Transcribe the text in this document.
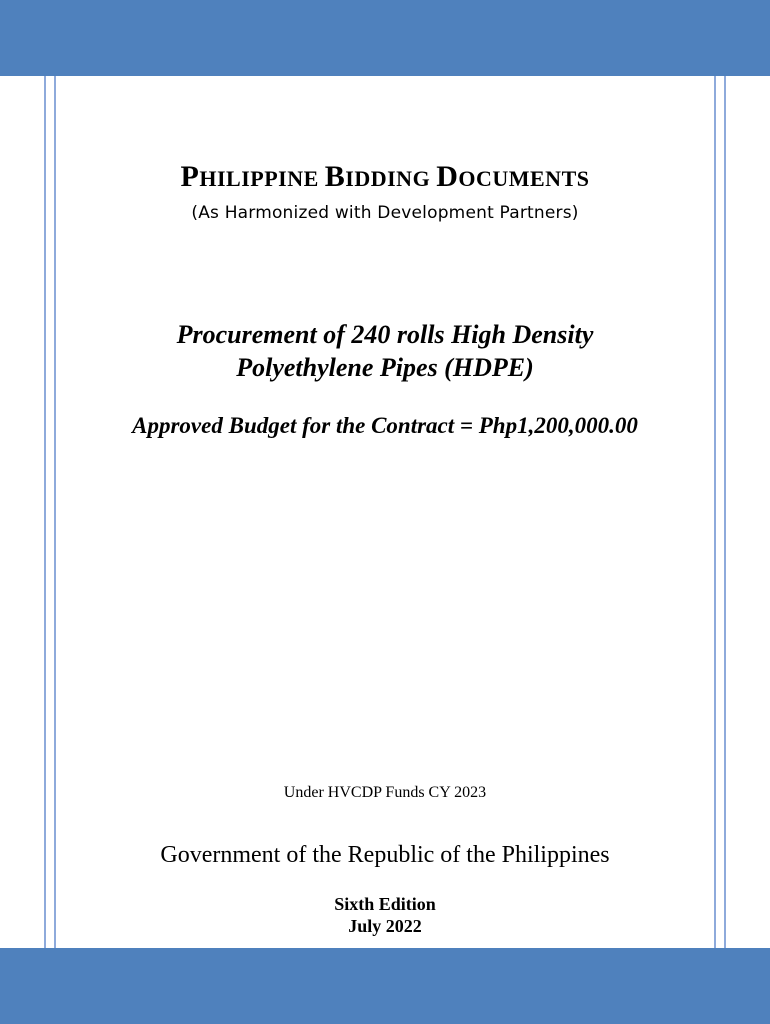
PHILIPPINE BIDDING DOCUMENTS
(As Harmonized with Development Partners)
Procurement of 240 rolls High Density
Polyethylene Pipes (HDPE)
Approved Budget for the Contract = Php1,200,000.00
Under HVCDP Funds CY 2023
Government of the Republic of the Philippines
Sixth Edition
July 2022
